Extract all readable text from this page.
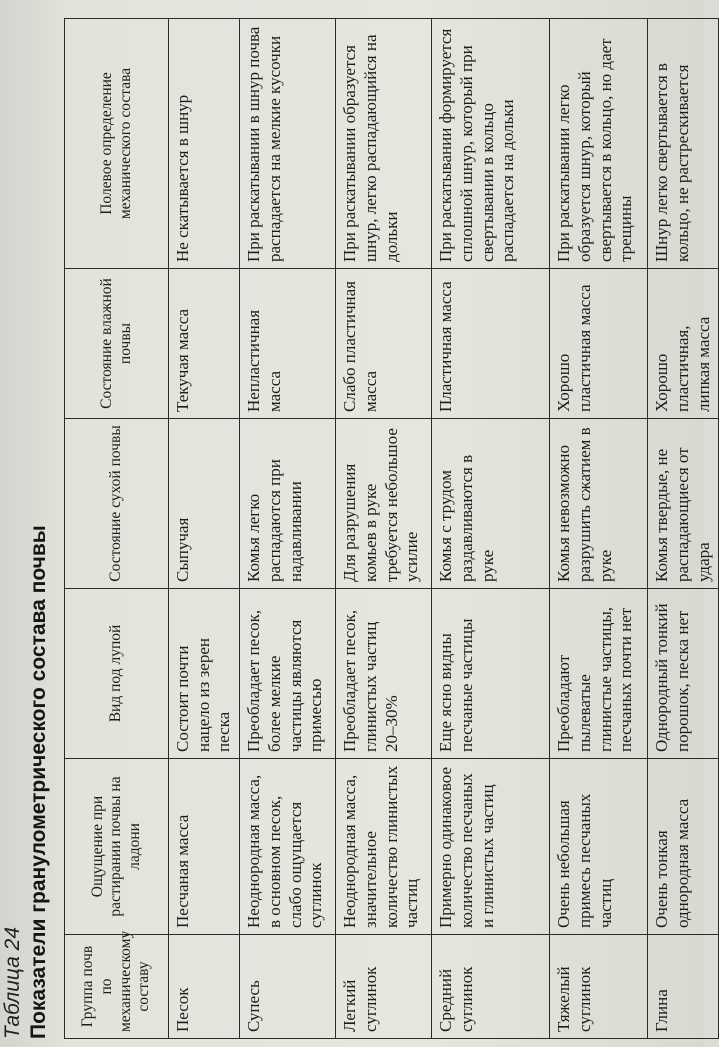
Таблица 24 Показатели гранулометрического состава почвы Группа почв по механическому составу	Ощущение при растирании почвы на ладони	Вид под лупой	Состояние сухой почвы	Состояние влажной почвы	Полевое определение механического состава
Песок	Песчаная масса	Состоит почти нацело из зерен песка	Сыпучая	Текучая масса	Не скатывается в шнур
Супесь	Неоднородная масса, в основном песок, слабо ощущается суглинок	Преобладает песок, более мелкие частицы являются примесью	Комья легко распадаются при надавливании	Непластичная масса	При раскатывании в шнур почва распадается на мелкие кусочки
Легкий суглинок	Неоднородная масса, значительное количество глинистых частиц	Преобладает песок, глинистых частиц 20–30%	Для разрушения комьев в руке требуется небольшое усилие	Слабо пластичная масса	При раскатывании образуется шнур, легко распадающийся на дольки
Средний суглинок	Примерно одинаковое количество песчаных и глинистых частиц	Еще ясно видны песчаные частицы	Комья с трудом раздавливаются в руке	Пластичная масса	При раскатывании формируется сплошной шнур, который при свертывании в кольцо распадается на дольки
Тяжелый суглинок	Очень небольшая примесь песчаных частиц	Преобладают пылеватые глинистые частицы, песчаных почти нет	Комья невозможно разрушить сжатием в руке	Хорошо пластичная масса	При раскатывании легко образуется шнур, который свертывается в кольцо, но дает трещины
Глина	Очень тонкая однородная масса	Однородный тонкий порошок, песка нет	Комья твердые, не распадающиеся от удара	Хорошо пластичная, липкая масса	Шнур легко свертывается в кольцо, не растрескивается
